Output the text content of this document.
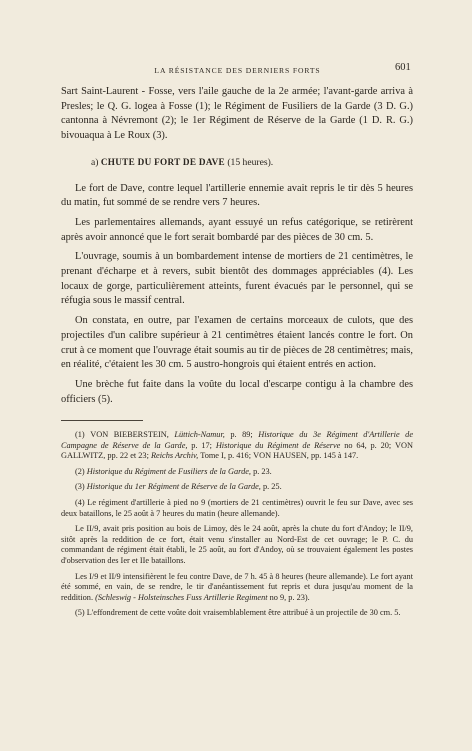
LA RÉSISTANCE DES DERNIERS FORTS	601

Sart Saint-Laurent - Fosse, vers l'aile gauche de la 2e armée; l'avant-garde arriva à Presles; le Q. G. logea à Fosse (1); le Régiment de Fusiliers de la Garde (3 D. G.) cantonna à Névremont (2); le 1er Régiment de Réserve de la Garde (1 D. R. G.) bivouaqua à Le Roux (3).

a) CHUTE DU FORT DE DAVE (15 heures).

Le fort de Dave, contre lequel l'artillerie ennemie avait repris le tir dès 5 heures du matin, fut sommé de se rendre vers 7 heures.

Les parlementaires allemands, ayant essuyé un refus catégorique, se retirèrent après avoir annoncé que le fort serait bombardé par des pièces de 30 cm. 5.

L'ouvrage, soumis à un bombardement intense de mortiers de 21 centimètres, le prenant d'écharpe et à revers, subit bientôt des dommages appréciables (4). Les locaux de gorge, particulièrement atteints, furent évacués par le personnel, qui se réfugia sous le massif central.

On constata, en outre, par l'examen de certains morceaux de culots, que des projectiles d'un calibre supérieur à 21 centimètres étaient lancés contre le fort. On crut à ce moment que l'ouvrage était soumis au tir de pièces de 28 centimètres; mais, en réalité, c'étaient les 30 cm. 5 austro-hongrois qui étaient entrés en action.

Une brèche fut faite dans la voûte du local d'escarpe contigu à la chambre des officiers (5).

(1) VON BIEBERSTEIN, Lüttich-Namur, p. 89; Historique du 3e Régiment d'Artillerie de Campagne de Réserve de la Garde, p. 17; Historique du Régiment de Réserve no 64, p. 20; VON GALLWITZ, pp. 22 et 23; Reichs Archiv, Tome I, p. 416; VON HAUSEN, pp. 145 à 147.

(2) Historique du Régiment de Fusiliers de la Garde, p. 23.

(3) Historique du 1er Régiment de Réserve de la Garde, p. 25.

(4) Le régiment d'artillerie à pied no 9 (mortiers de 21 centimètres) ouvrit le feu sur Dave, avec ses deux bataillons, le 25 août à 7 heures du matin (heure allemande).

Le II/9, avait pris position au bois de Limoy, dès le 24 août, après la chute du fort d'Andoy; le II/9, sitôt après la reddition de ce fort, était venu s'installer au Nord-Est de cet ouvrage; le P. C. du commandant de régiment était établi, le 25 août, au fort d'Andoy, où se trouvaient également les postes d'observation des Ier et IIe bataillons.

Les I/9 et II/9 intensifièrent le feu contre Dave, de 7 h. 45 à 8 heures (heure allemande). Le fort ayant été sommé, en vain, de se rendre, le tir d'anéantissement fut repris et dura jusqu'au moment de la reddition. (Schleswig - Holsteinsches Fuss Artillerie Regiment no 9, p. 23).

(5) L'effondrement de cette voûte doit vraisemblablement être attribué à un projectile de 30 cm. 5.
